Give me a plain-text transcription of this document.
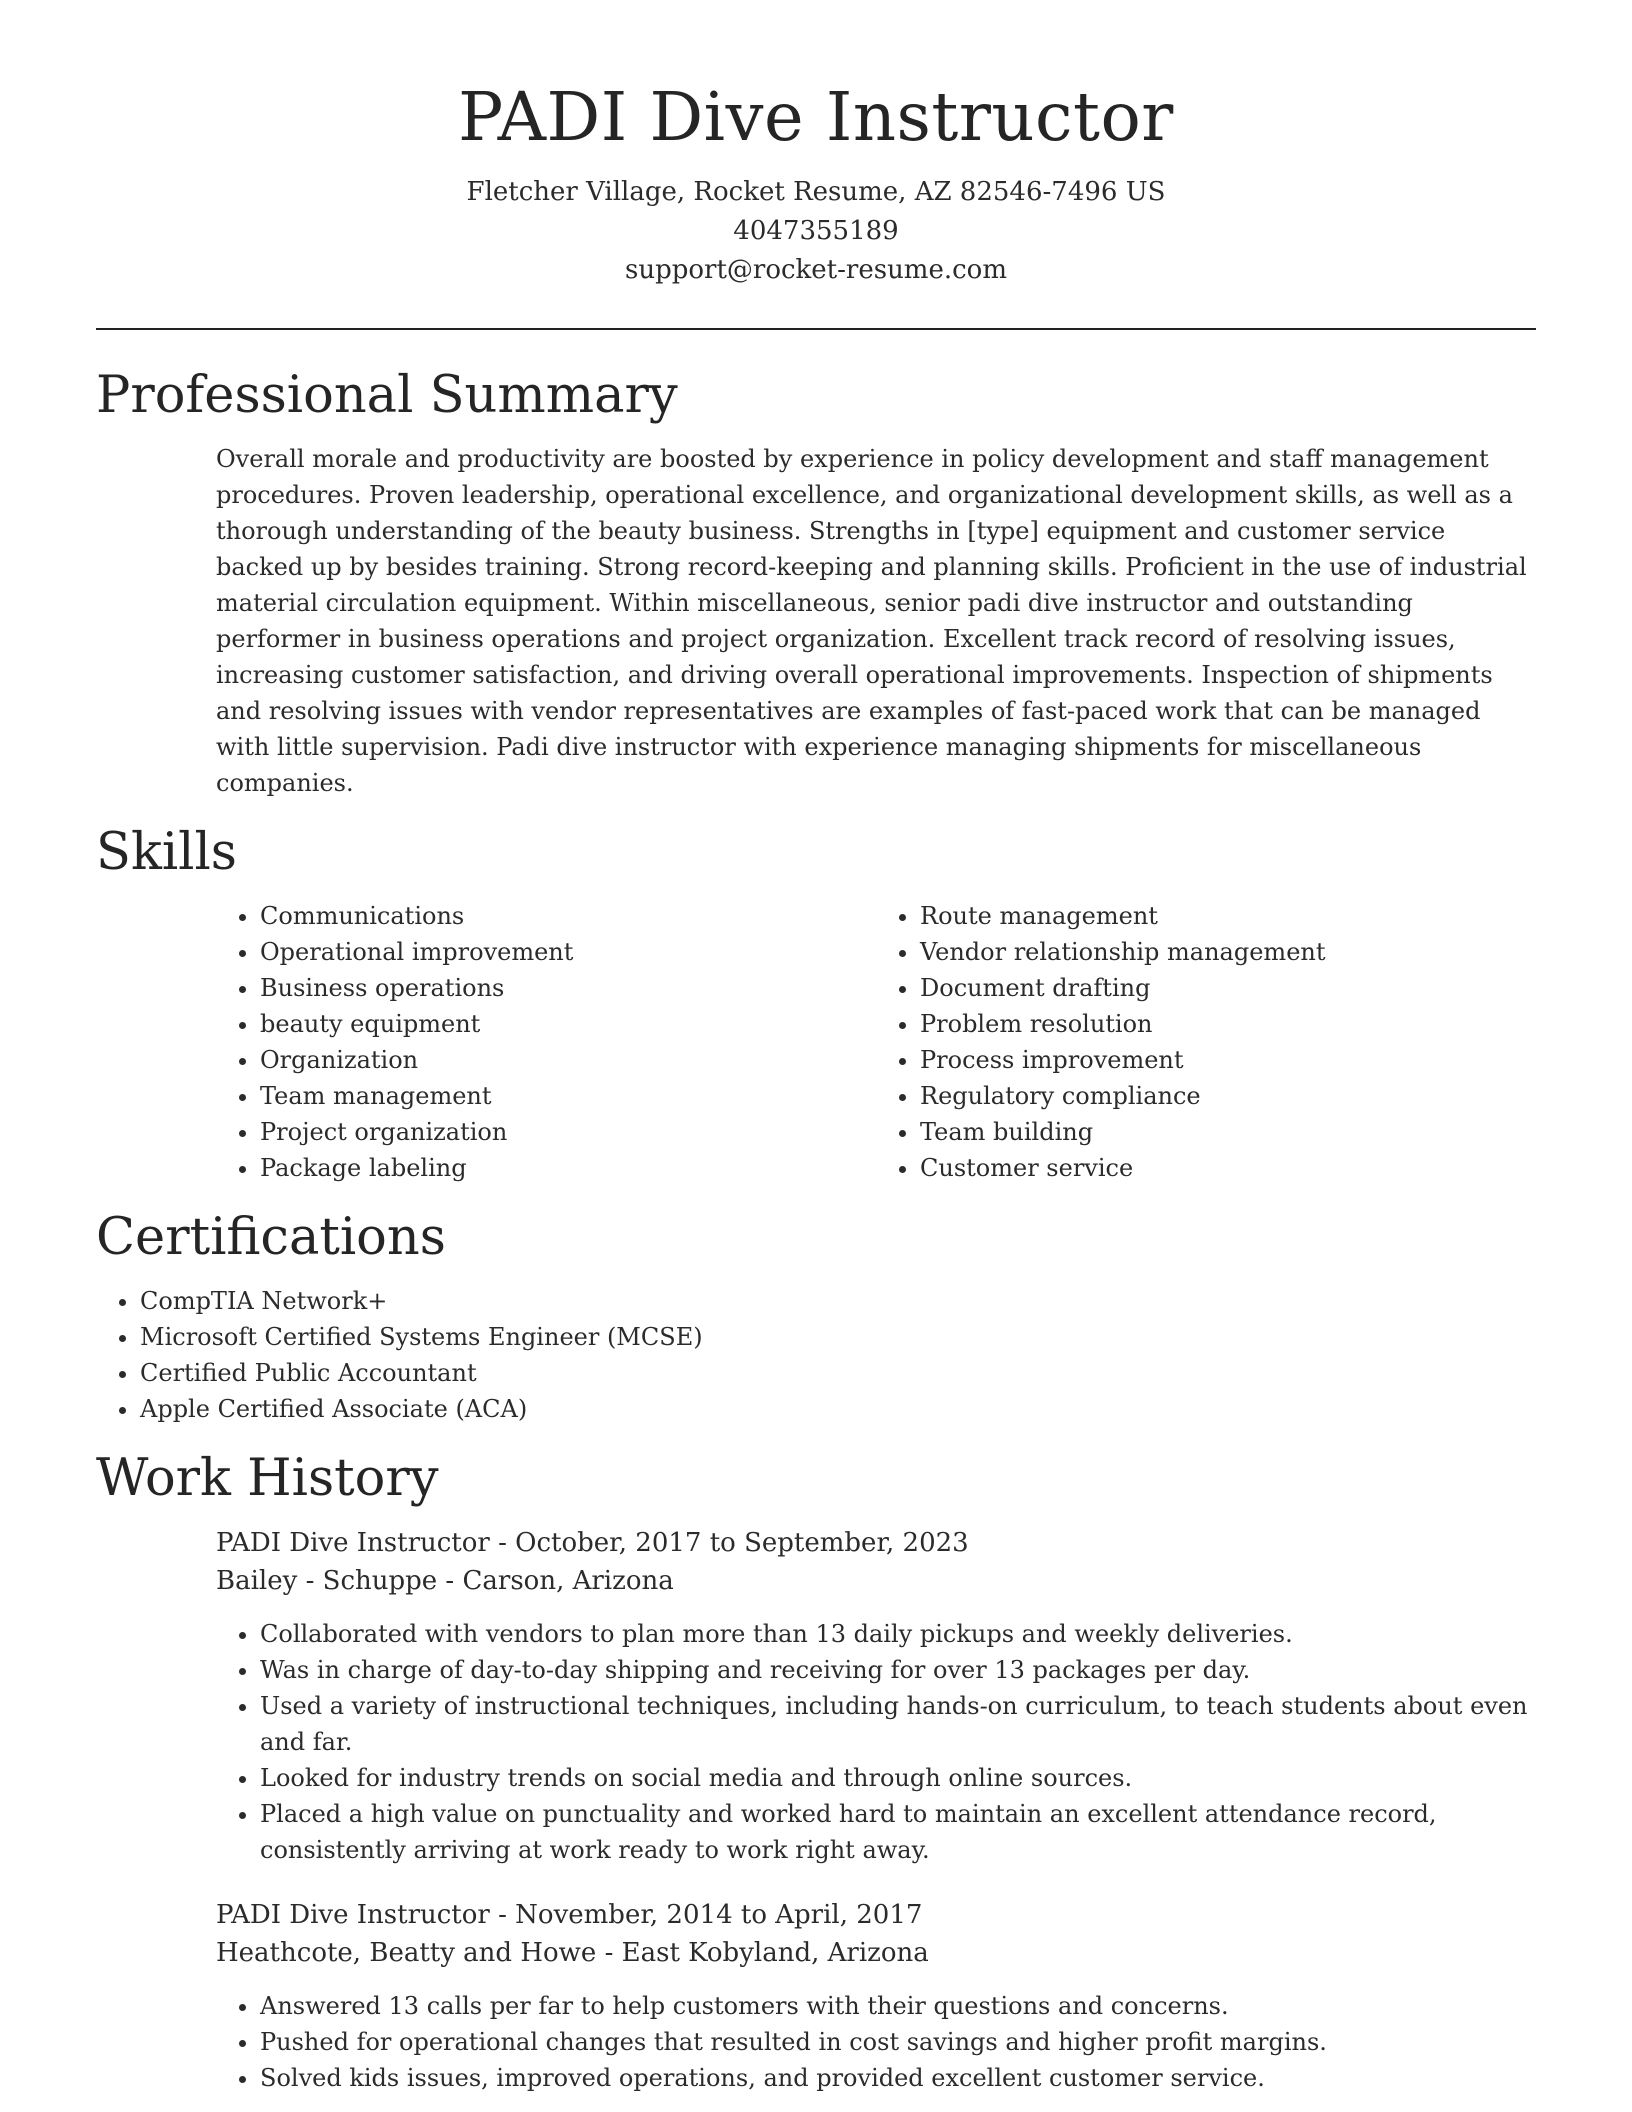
PADI Dive Instructor
Fletcher Village, Rocket Resume, AZ 82546-7496 US
4047355189
support@rocket-resume.com
Professional Summary
Overall morale and productivity are boosted by experience in policy development and staff management procedures. Proven leadership, operational excellence, and organizational development skills, as well as a thorough understanding of the beauty business. Strengths in [type] equipment and customer service backed up by besides training. Strong record-keeping and planning skills. Proficient in the use of industrial material circulation equipment. Within miscellaneous, senior padi dive instructor and outstanding performer in business operations and project organization. Excellent track record of resolving issues, increasing customer satisfaction, and driving overall operational improvements. Inspection of shipments and resolving issues with vendor representatives are examples of fast-paced work that can be managed with little supervision. Padi dive instructor with experience managing shipments for miscellaneous companies.
Skills
• Communications
• Operational improvement
• Business operations
• beauty equipment
• Organization
• Team management
• Project organization
• Package labeling
• Route management
• Vendor relationship management
• Document drafting
• Problem resolution
• Process improvement
• Regulatory compliance
• Team building
• Customer service
Certifications
• CompTIA Network+
• Microsoft Certified Systems Engineer (MCSE)
• Certified Public Accountant
• Apple Certified Associate (ACA)
Work History
PADI Dive Instructor - October, 2017 to September, 2023
Bailey - Schuppe - Carson, Arizona
• Collaborated with vendors to plan more than 13 daily pickups and weekly deliveries.
• Was in charge of day-to-day shipping and receiving for over 13 packages per day.
• Used a variety of instructional techniques, including hands-on curriculum, to teach students about even and far.
• Looked for industry trends on social media and through online sources.
• Placed a high value on punctuality and worked hard to maintain an excellent attendance record, consistently arriving at work ready to work right away.
PADI Dive Instructor - November, 2014 to April, 2017
Heathcote, Beatty and Howe - East Kobyland, Arizona
• Answered 13 calls per far to help customers with their questions and concerns.
• Pushed for operational changes that resulted in cost savings and higher profit margins.
• Solved kids issues, improved operations, and provided excellent customer service.
